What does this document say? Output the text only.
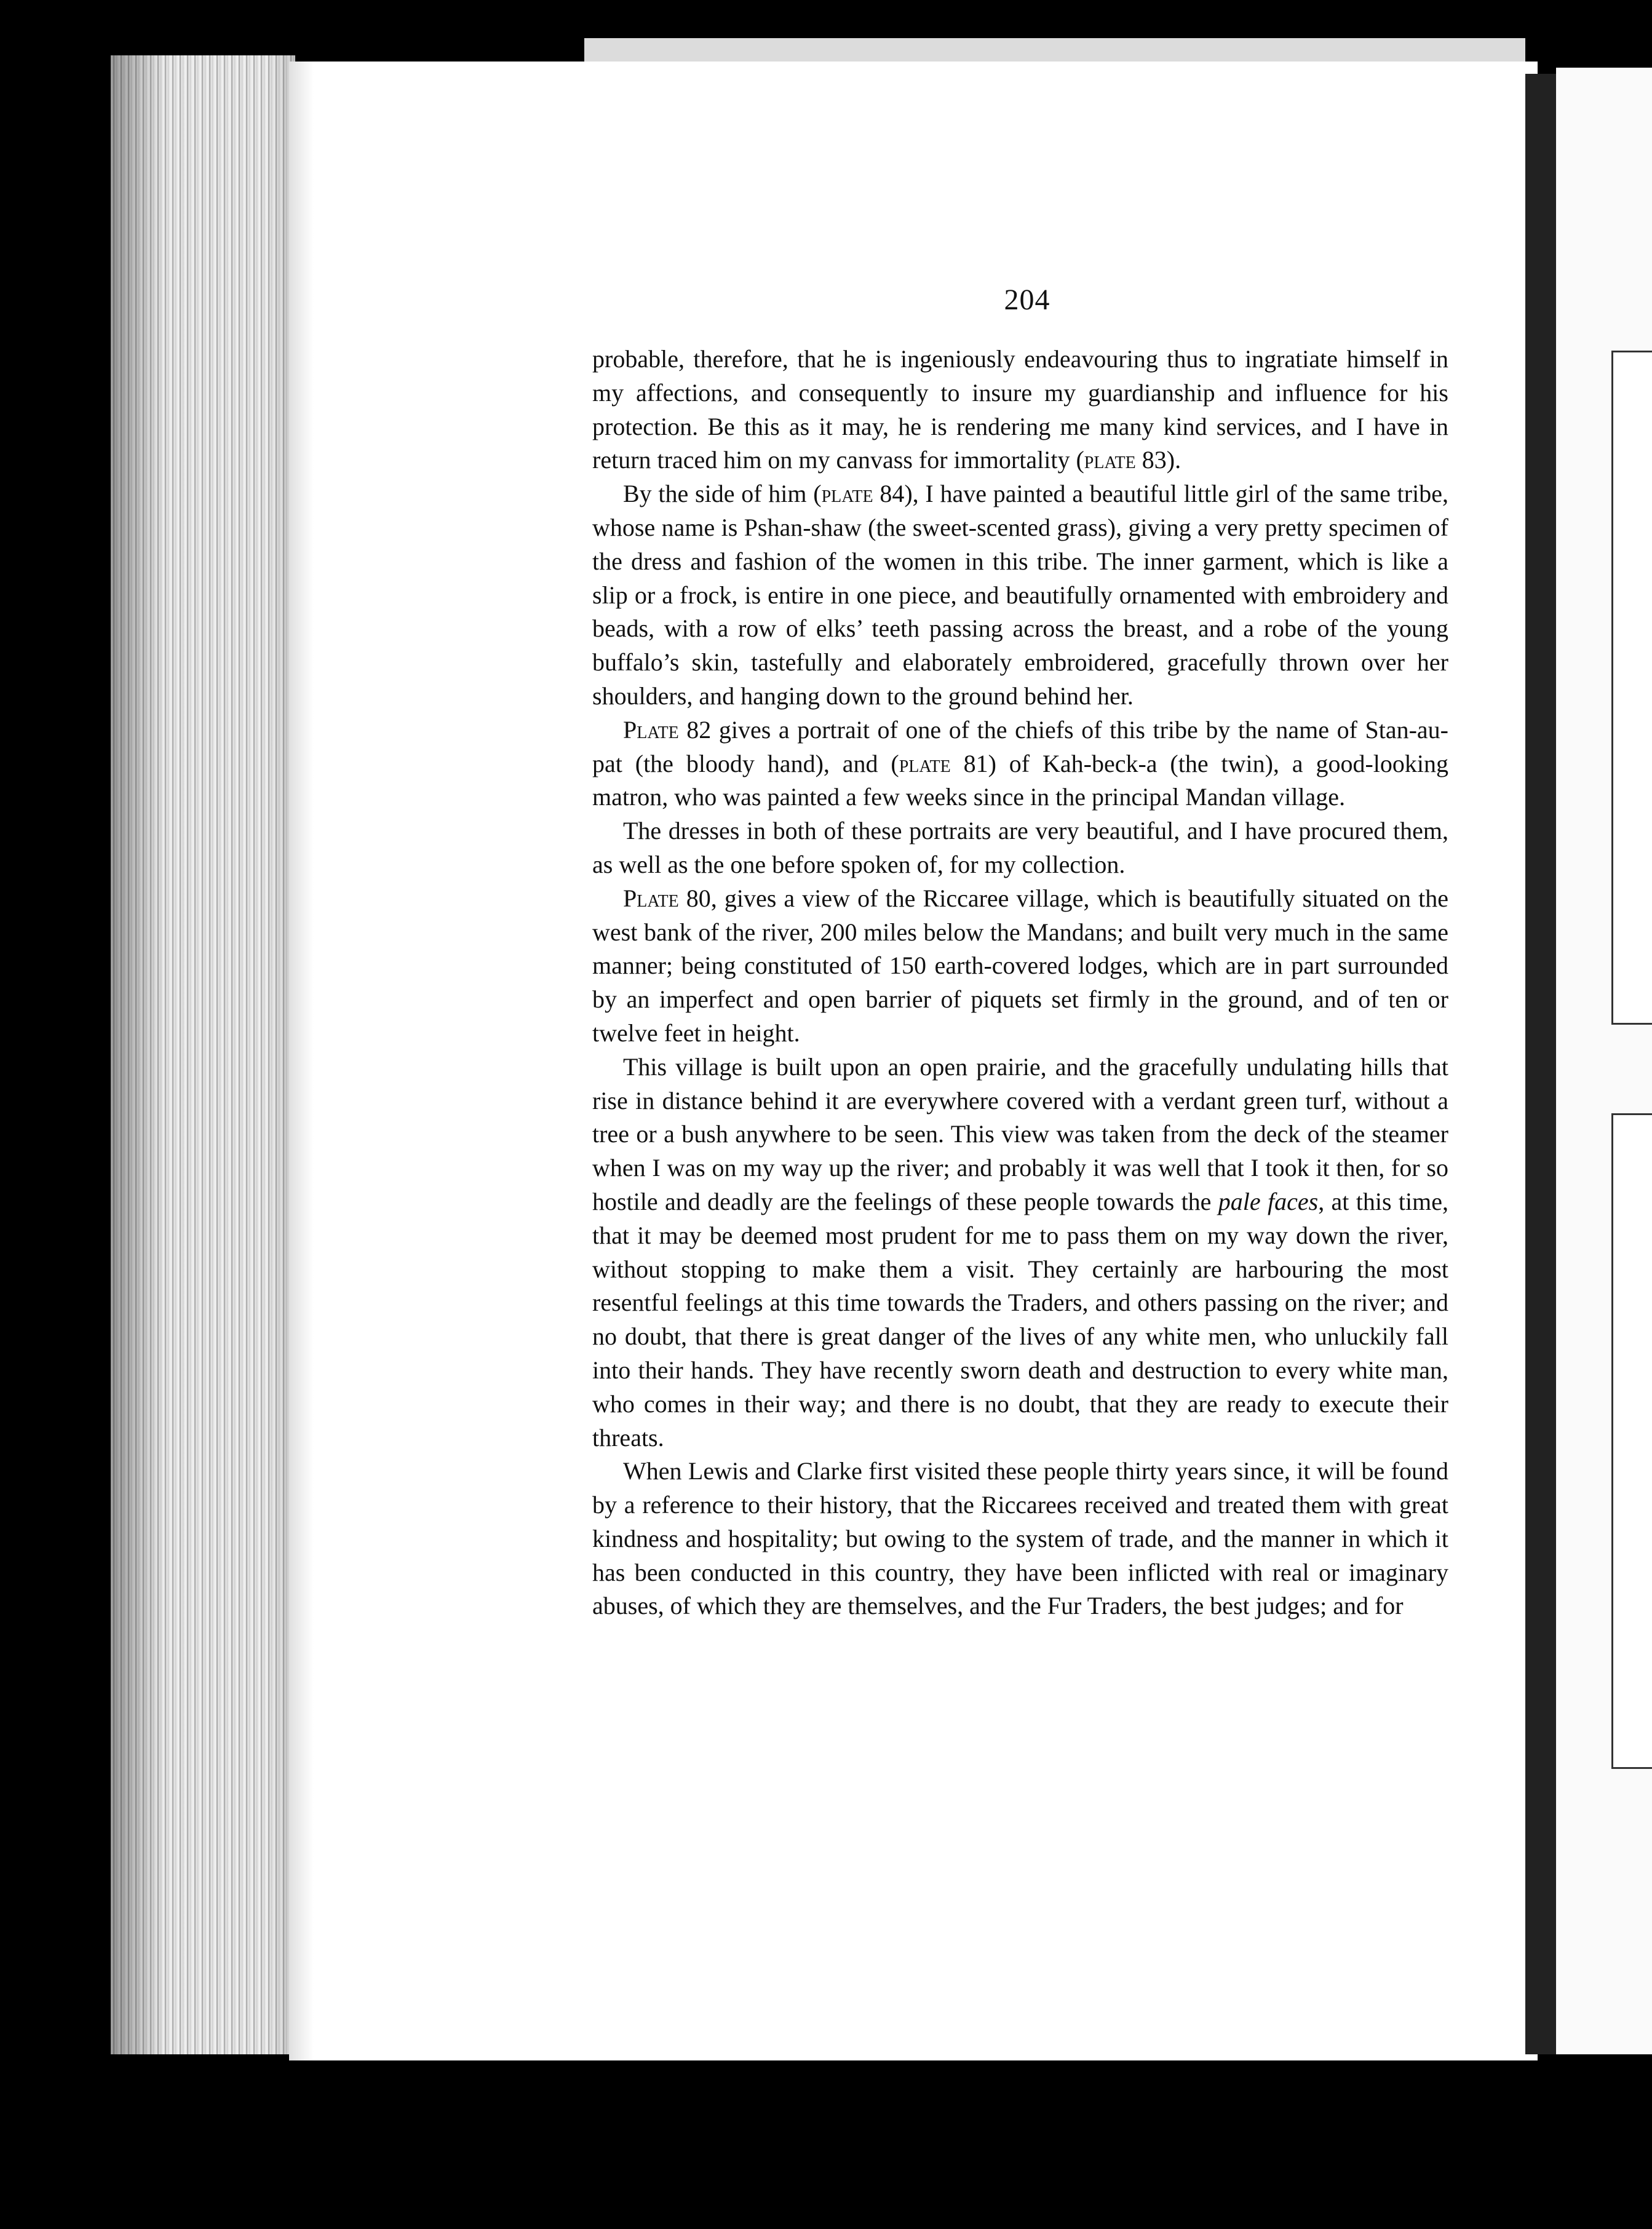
204

probable, therefore, that he is ingeniously endeavouring thus to ingratiate himself in my affections, and consequently to insure my guardianship and influence for his protection. Be this as it may, he is rendering me many kind services, and I have in return traced him on my canvass for immortality (plate 83).

By the side of him (plate 84), I have painted a beautiful little girl of the same tribe, whose name is Pshan-shaw (the sweet-scented grass), giving a very pretty specimen of the dress and fashion of the women in this tribe. The inner garment, which is like a slip or a frock, is entire in one piece, and beautifully ornamented with embroidery and beads, with a row of elks’ teeth passing across the breast, and a robe of the young buffalo’s skin, tastefully and elaborately embroidered, gracefully thrown over her shoulders, and hanging down to the ground behind her.

Plate 82 gives a portrait of one of the chiefs of this tribe by the name of Stan-au-pat (the bloody hand), and (plate 81) of Kah-beck-a (the twin), a good-looking matron, who was painted a few weeks since in the principal Mandan village.

The dresses in both of these portraits are very beautiful, and I have procured them, as well as the one before spoken of, for my collection.

Plate 80, gives a view of the Riccaree village, which is beautifully situated on the west bank of the river, 200 miles below the Mandans; and built very much in the same manner; being constituted of 150 earth-covered lodges, which are in part surrounded by an imperfect and open barrier of piquets set firmly in the ground, and of ten or twelve feet in height.

This village is built upon an open prairie, and the gracefully undulating hills that rise in distance behind it are everywhere covered with a verdant green turf, without a tree or a bush anywhere to be seen. This view was taken from the deck of the steamer when I was on my way up the river; and probably it was well that I took it then, for so hostile and deadly are the feelings of these people towards the pale faces, at this time, that it may be deemed most prudent for me to pass them on my way down the river, without stopping to make them a visit. They certainly are harbouring the most resentful feelings at this time towards the Traders, and others passing on the river; and no doubt, that there is great danger of the lives of any white men, who unluckily fall into their hands. They have recently sworn death and destruction to every white man, who comes in their way; and there is no doubt, that they are ready to execute their threats.

When Lewis and Clarke first visited these people thirty years since, it will be found by a reference to their history, that the Riccarees received and treated them with great kindness and hospitality; but owing to the system of trade, and the manner in which it has been conducted in this country, they have been inflicted with real or imaginary abuses, of which they are themselves, and the Fur Traders, the best judges; and for
